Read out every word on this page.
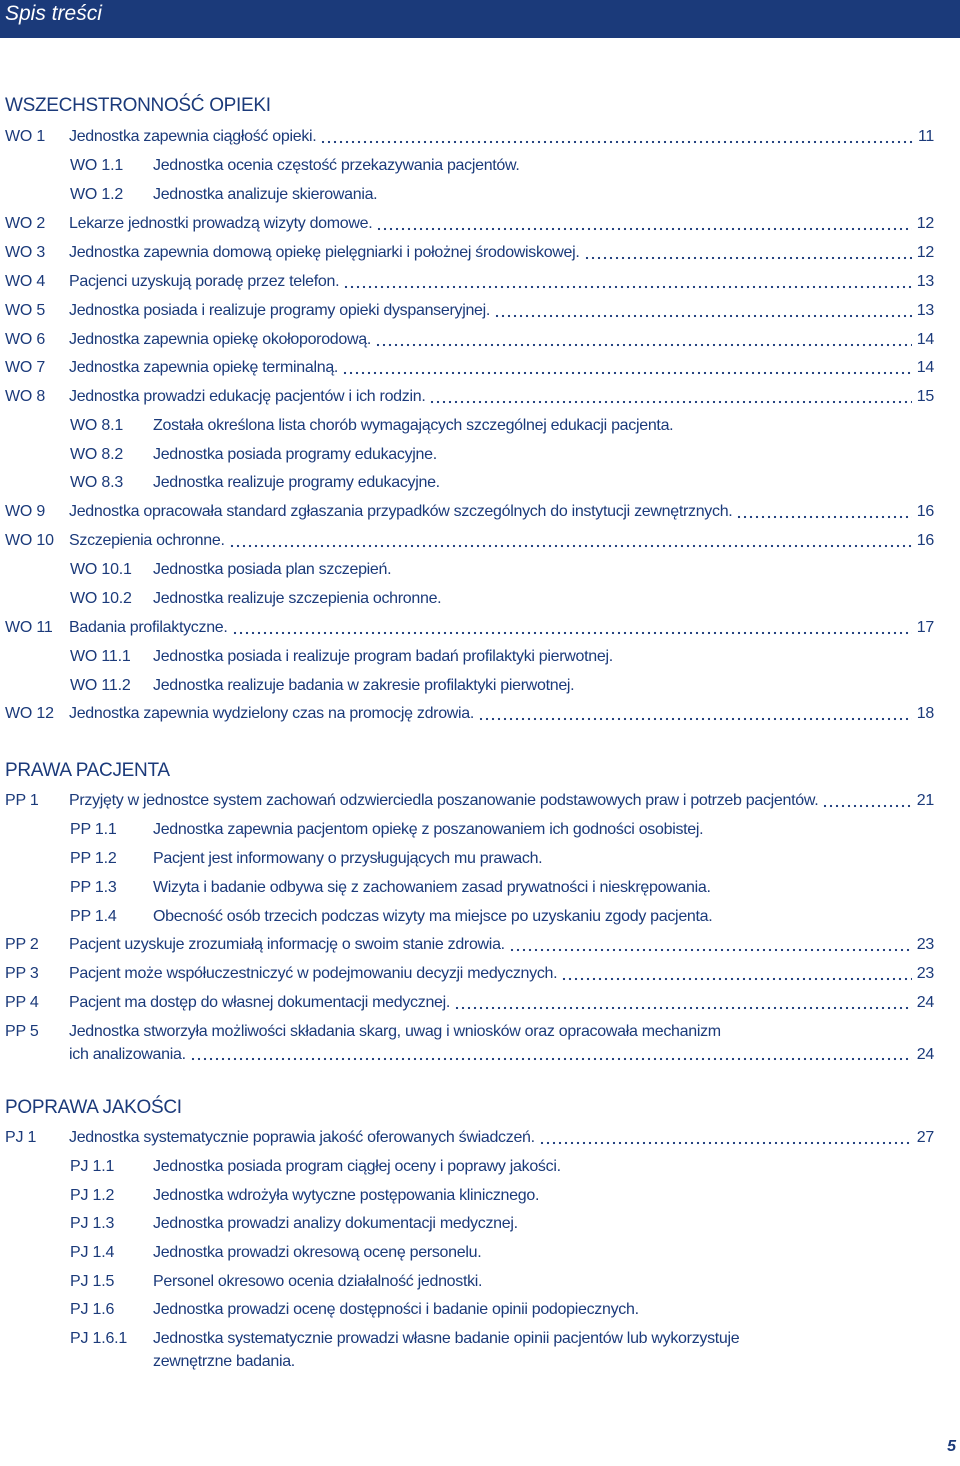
Spis treści
WSZECHSTRONNOŚĆ OPIEKI
WO 1 Jednostka zapewnia ciągłość opieki.	11
WO 1.1 Jednostka ocenia częstość przekazywania pacjentów.
WO 1.2 Jednostka analizuje skierowania.
WO 2 Lekarze jednostki prowadzą wizyty domowe.	12
WO 3 Jednostka zapewnia domową opiekę pielęgniarki i położnej środowiskowej.	12
WO 4 Pacjenci uzyskują poradę przez telefon.	13
WO 5 Jednostka posiada i realizuje programy opieki dyspanseryjnej.	13
WO 6 Jednostka zapewnia opiekę okołoporodową.	14
WO 7 Jednostka zapewnia opiekę terminalną.	14
WO 8 Jednostka prowadzi edukację pacjentów i ich rodzin.	15
WO 8.1 Została określona lista chorób wymagających szczególnej edukacji pacjenta.
WO 8.2 Jednostka posiada programy edukacyjne.
WO 8.3 Jednostka realizuje programy edukacyjne.
WO 9 Jednostka opracowała standard zgłaszania przypadków szczególnych do instytucji zewnętrznych.	16
WO 10 Szczepienia ochronne.	16
WO 10.1 Jednostka posiada plan szczepień.
WO 10.2 Jednostka realizuje szczepienia ochronne.
WO 11 Badania profilaktyczne.	17
WO 11.1 Jednostka posiada i realizuje program badań profilaktyki pierwotnej.
WO 11.2 Jednostka realizuje badania w zakresie profilaktyki pierwotnej.
WO 12 Jednostka zapewnia wydzielony czas na promocję zdrowia.	18
PRAWA PACJENTA
PP 1 Przyjęty w jednostce system zachowań odzwierciedla poszanowanie podstawowych praw i potrzeb pacjentów.	21
PP 1.1 Jednostka zapewnia pacjentom opiekę z poszanowaniem ich godności osobistej.
PP 1.2 Pacjent jest informowany o przysługujących mu prawach.
PP 1.3 Wizyta i badanie odbywa się z zachowaniem zasad prywatności i nieskrępowania.
PP 1.4 Obecność osób trzecich podczas wizyty ma miejsce po uzyskaniu zgody pacjenta.
PP 2 Pacjent uzyskuje zrozumiałą informację o swoim stanie zdrowia.	23
PP 3 Pacjent może współuczestniczyć w podejmowaniu decyzji medycznych.	23
PP 4 Pacjent ma dostęp do własnej dokumentacji medycznej.	24
PP 5 Jednostka stworzyła możliwości składania skarg, uwag i wniosków oraz opracowała mechanizm
ich analizowania.	24
POPRAWA JAKOŚCI
PJ 1 Jednostka systematycznie poprawia jakość oferowanych świadczeń.	27
PJ 1.1 Jednostka posiada program ciągłej oceny i poprawy jakości.
PJ 1.2 Jednostka wdrożyła wytyczne postępowania klinicznego.
PJ 1.3 Jednostka prowadzi analizy dokumentacji medycznej.
PJ 1.4 Jednostka prowadzi okresową ocenę personelu.
PJ 1.5 Personel okresowo ocenia działalność jednostki.
PJ 1.6 Jednostka prowadzi ocenę dostępności i badanie opinii podopiecznych.
PJ 1.6.1 Jednostka systematycznie prowadzi własne badanie opinii pacjentów lub wykorzystuje
zewnętrzne badania.
5
